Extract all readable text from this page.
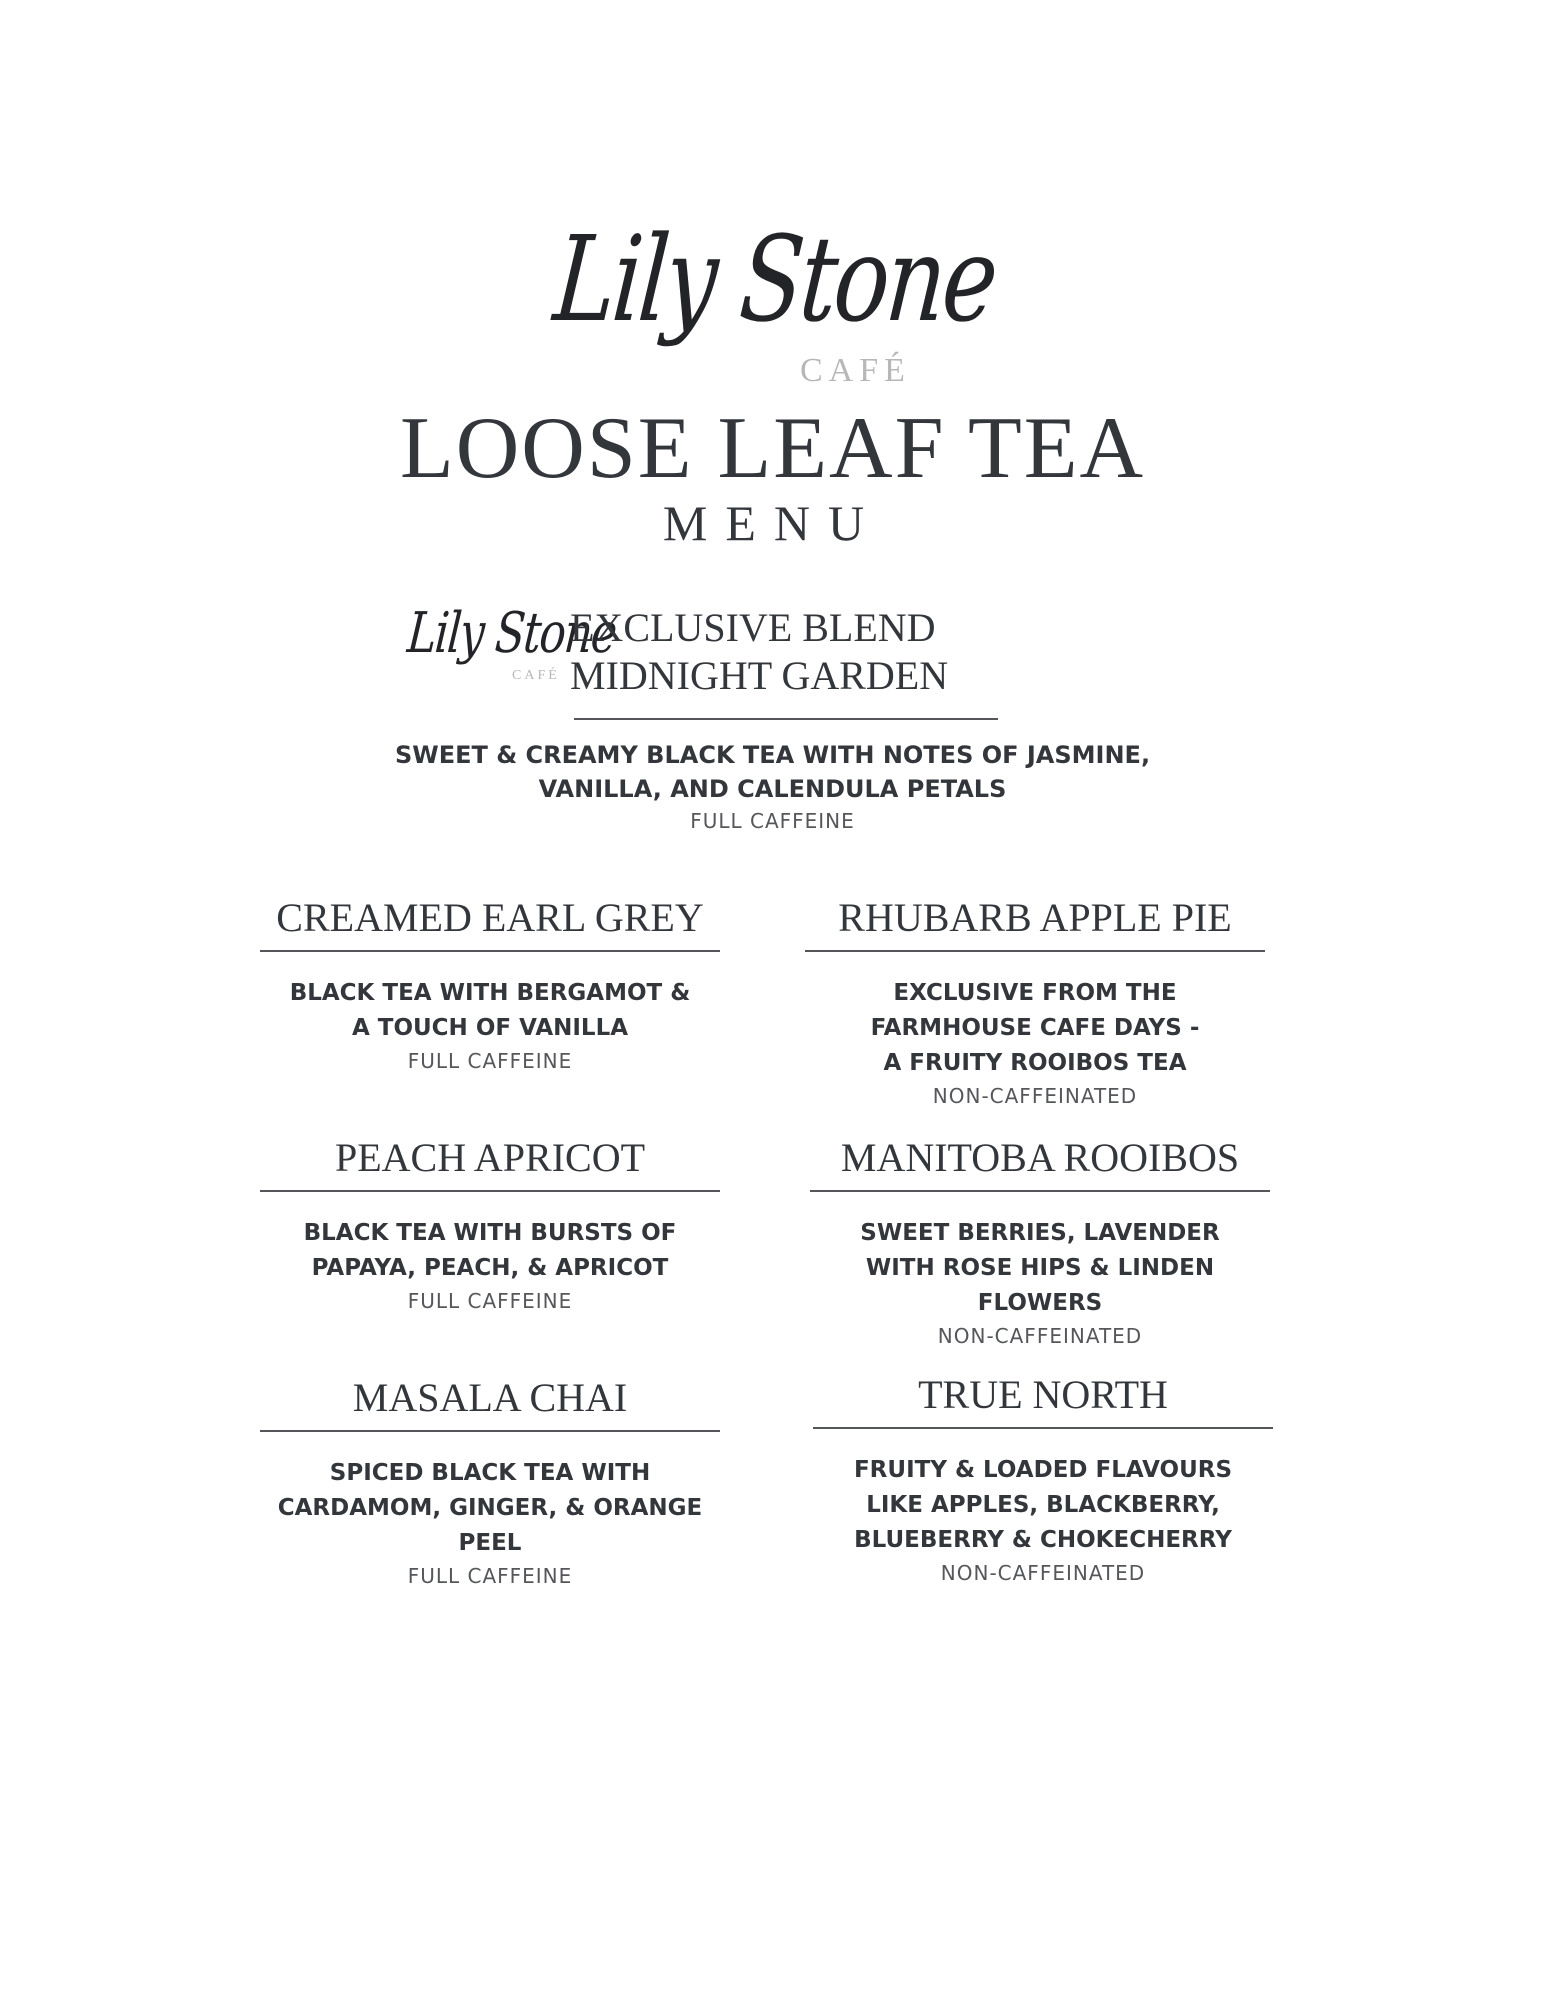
Lily Stone
CAFÉ
LOOSE LEAF TEA
MENU
Lily Stone
CAFÉ
EXCLUSIVE BLEND
MIDNIGHT GARDEN
SWEET & CREAMY BLACK TEA WITH NOTES OF JASMINE,
VANILLA, AND CALENDULA PETALS
FULL CAFFEINE
CREAMED EARL GREY
BLACK TEA WITH BERGAMOT &
A TOUCH OF VANILLA
FULL CAFFEINE
RHUBARB APPLE PIE
EXCLUSIVE FROM THE
FARMHOUSE CAFE DAYS -
A FRUITY ROOIBOS TEA
NON-CAFFEINATED
PEACH APRICOT
BLACK TEA WITH BURSTS OF
PAPAYA, PEACH, & APRICOT
FULL CAFFEINE
MANITOBA ROOIBOS
SWEET BERRIES, LAVENDER
WITH ROSE HIPS & LINDEN
FLOWERS
NON-CAFFEINATED
MASALA CHAI
SPICED BLACK TEA WITH
CARDAMOM, GINGER, & ORANGE
PEEL
FULL CAFFEINE
TRUE NORTH
FRUITY & LOADED FLAVOURS
LIKE APPLES, BLACKBERRY,
BLUEBERRY & CHOKECHERRY
NON-CAFFEINATED
